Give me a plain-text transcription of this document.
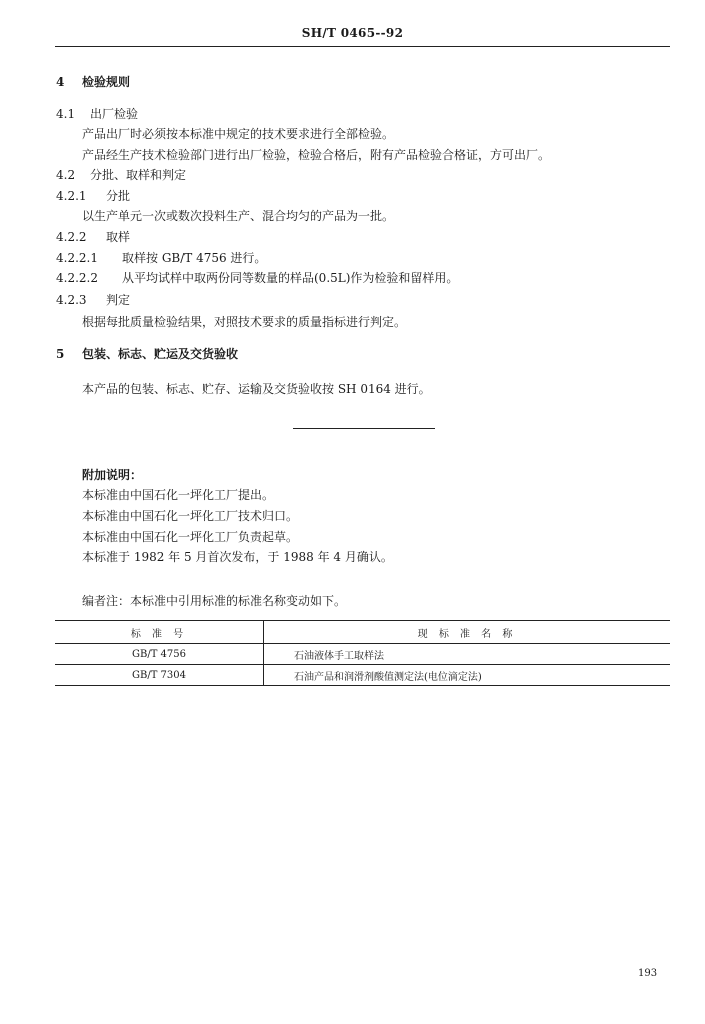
SH/T 0465--92
4 检验规则
4.1 出厂检验
产品出厂时必须按本标准中规定的技术要求进行全部检验。
产品经生产技术检验部门进行出厂检验，检验合格后，附有产品检验合格证，方可出厂。
4.2 分批、取样和判定
4.2.1 分批
以生产单元一次或数次投料生产、混合均匀的产品为一批。
4.2.2 取样
4.2.2.1 取样按 GB/T 4756 进行。
4.2.2.2 从平均试样中取两份同等数量的样品(0.5L)作为检验和留样用。
4.2.3 判定
根据每批质量检验结果，对照技术要求的质量指标进行判定。
5 包装、标志、贮运及交货验收
本产品的包装、标志、贮存、运输及交货验收按 SH 0164 进行。
附加说明：
本标准由中国石化一坪化工厂提出。
本标准由中国石化一坪化工厂技术归口。
本标准由中国石化一坪化工厂负责起草。
本标准于 1982 年 5 月首次发布，于 1988 年 4 月确认。
编者注：本标准中引用标准的标准名称变动如下。
标 准 号	现 标 准 名 称
GB/T 4756	石油液体手工取样法
GB/T 7304	石油产品和润滑剂酸值测定法(电位滴定法)
193
